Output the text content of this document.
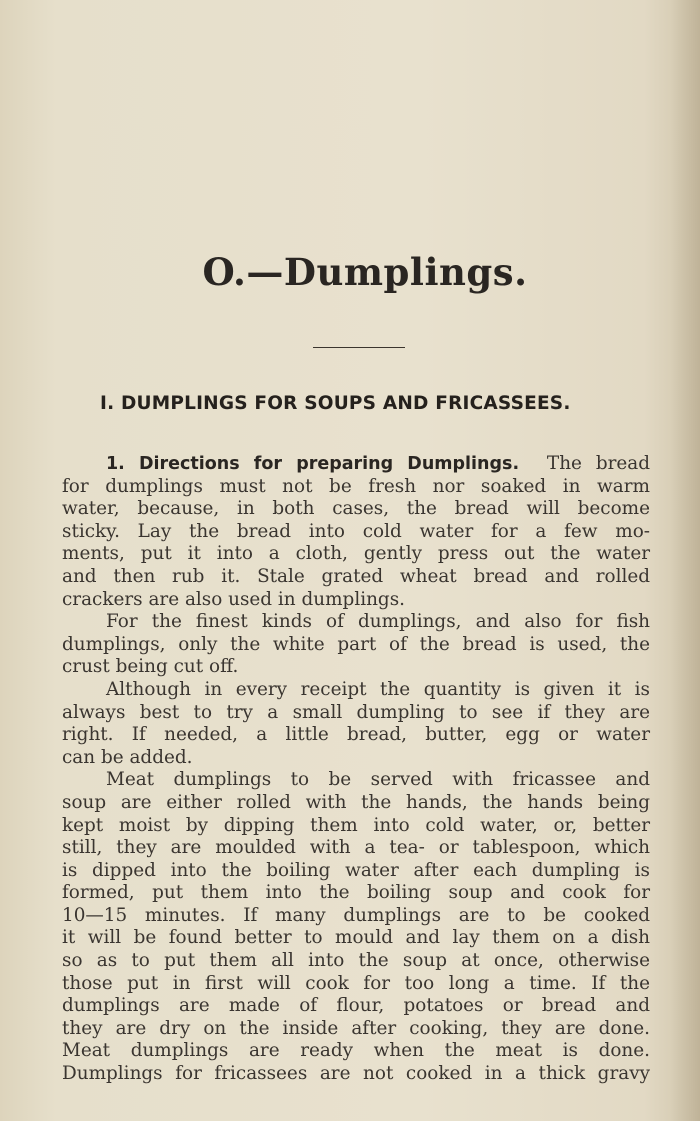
O.—Dumplings.
I. DUMPLINGS FOR SOUPS AND FRICASSEES.
1. Directions for preparing Dumplings. The bread
for dumplings must not be fresh nor soaked in warm
water, because, in both cases, the bread will become
sticky. Lay the bread into cold water for a few mo-
ments, put it into a cloth, gently press out the water
and then rub it. Stale grated wheat bread and rolled
crackers are also used in dumplings.
For the finest kinds of dumplings, and also for fish
dumplings, only the white part of the bread is used, the
crust being cut off.
Although in every receipt the quantity is given it is
always best to try a small dumpling to see if they are
right. If needed, a little bread, butter, egg or water
can be added.
Meat dumplings to be served with fricassee and
soup are either rolled with the hands, the hands being
kept moist by dipping them into cold water, or, better
still, they are moulded with a tea- or tablespoon, which
is dipped into the boiling water after each dumpling is
formed, put them into the boiling soup and cook for
10—15 minutes. If many dumplings are to be cooked
it will be found better to mould and lay them on a dish
so as to put them all into the soup at once, otherwise
those put in first will cook for too long a time. If the
dumplings are made of flour, potatoes or bread and
they are dry on the inside after cooking, they are done.
Meat dumplings are ready when the meat is done.
Dumplings for fricassees are not cooked in a thick gravy
